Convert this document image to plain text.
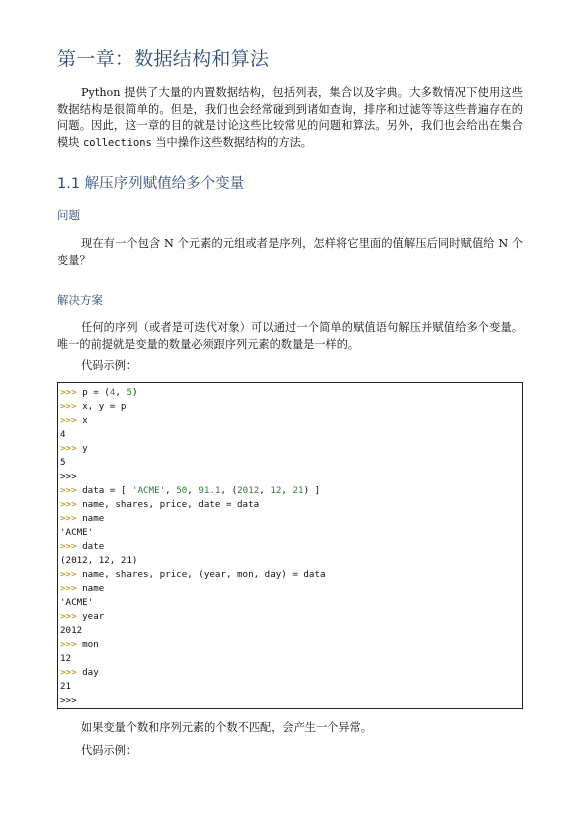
第一章：数据结构和算法

Python 提供了大量的内置数据结构，包括列表，集合以及字典。大多数情况下使用这些数据结构是很简单的。但是，我们也会经常碰到到诸如查询，排序和过滤等等这些普遍存在的问题。因此，这一章的目的就是讨论这些比较常见的问题和算法。另外，我们也会给出在集合模块 collections 当中操作这些数据结构的方法。

1.1 解压序列赋值给多个变量
问题

现在有一个包含 N 个元素的元组或者是序列，怎样将它里面的值解压后同时赋值给 N 个变量？

解决方案

任何的序列（或者是可迭代对象）可以通过一个简单的赋值语句解压并赋值给多个变量。唯一的前提就是变量的数量必须跟序列元素的数量是一样的。

代码示例：

>>> p = (4, 5)
>>> x, y = p
>>> x
4
>>> y
5
>>>
>>> data = [ 'ACME', 50, 91.1, (2012, 12, 21) ]
>>> name, shares, price, date = data
>>> name
'ACME'
>>> date
(2012, 12, 21)
>>> name, shares, price, (year, mon, day) = data
>>> name
'ACME'
>>> year
2012
>>> mon
12
>>> day
21
>>>

如果变量个数和序列元素的个数不匹配，会产生一个异常。

代码示例：
